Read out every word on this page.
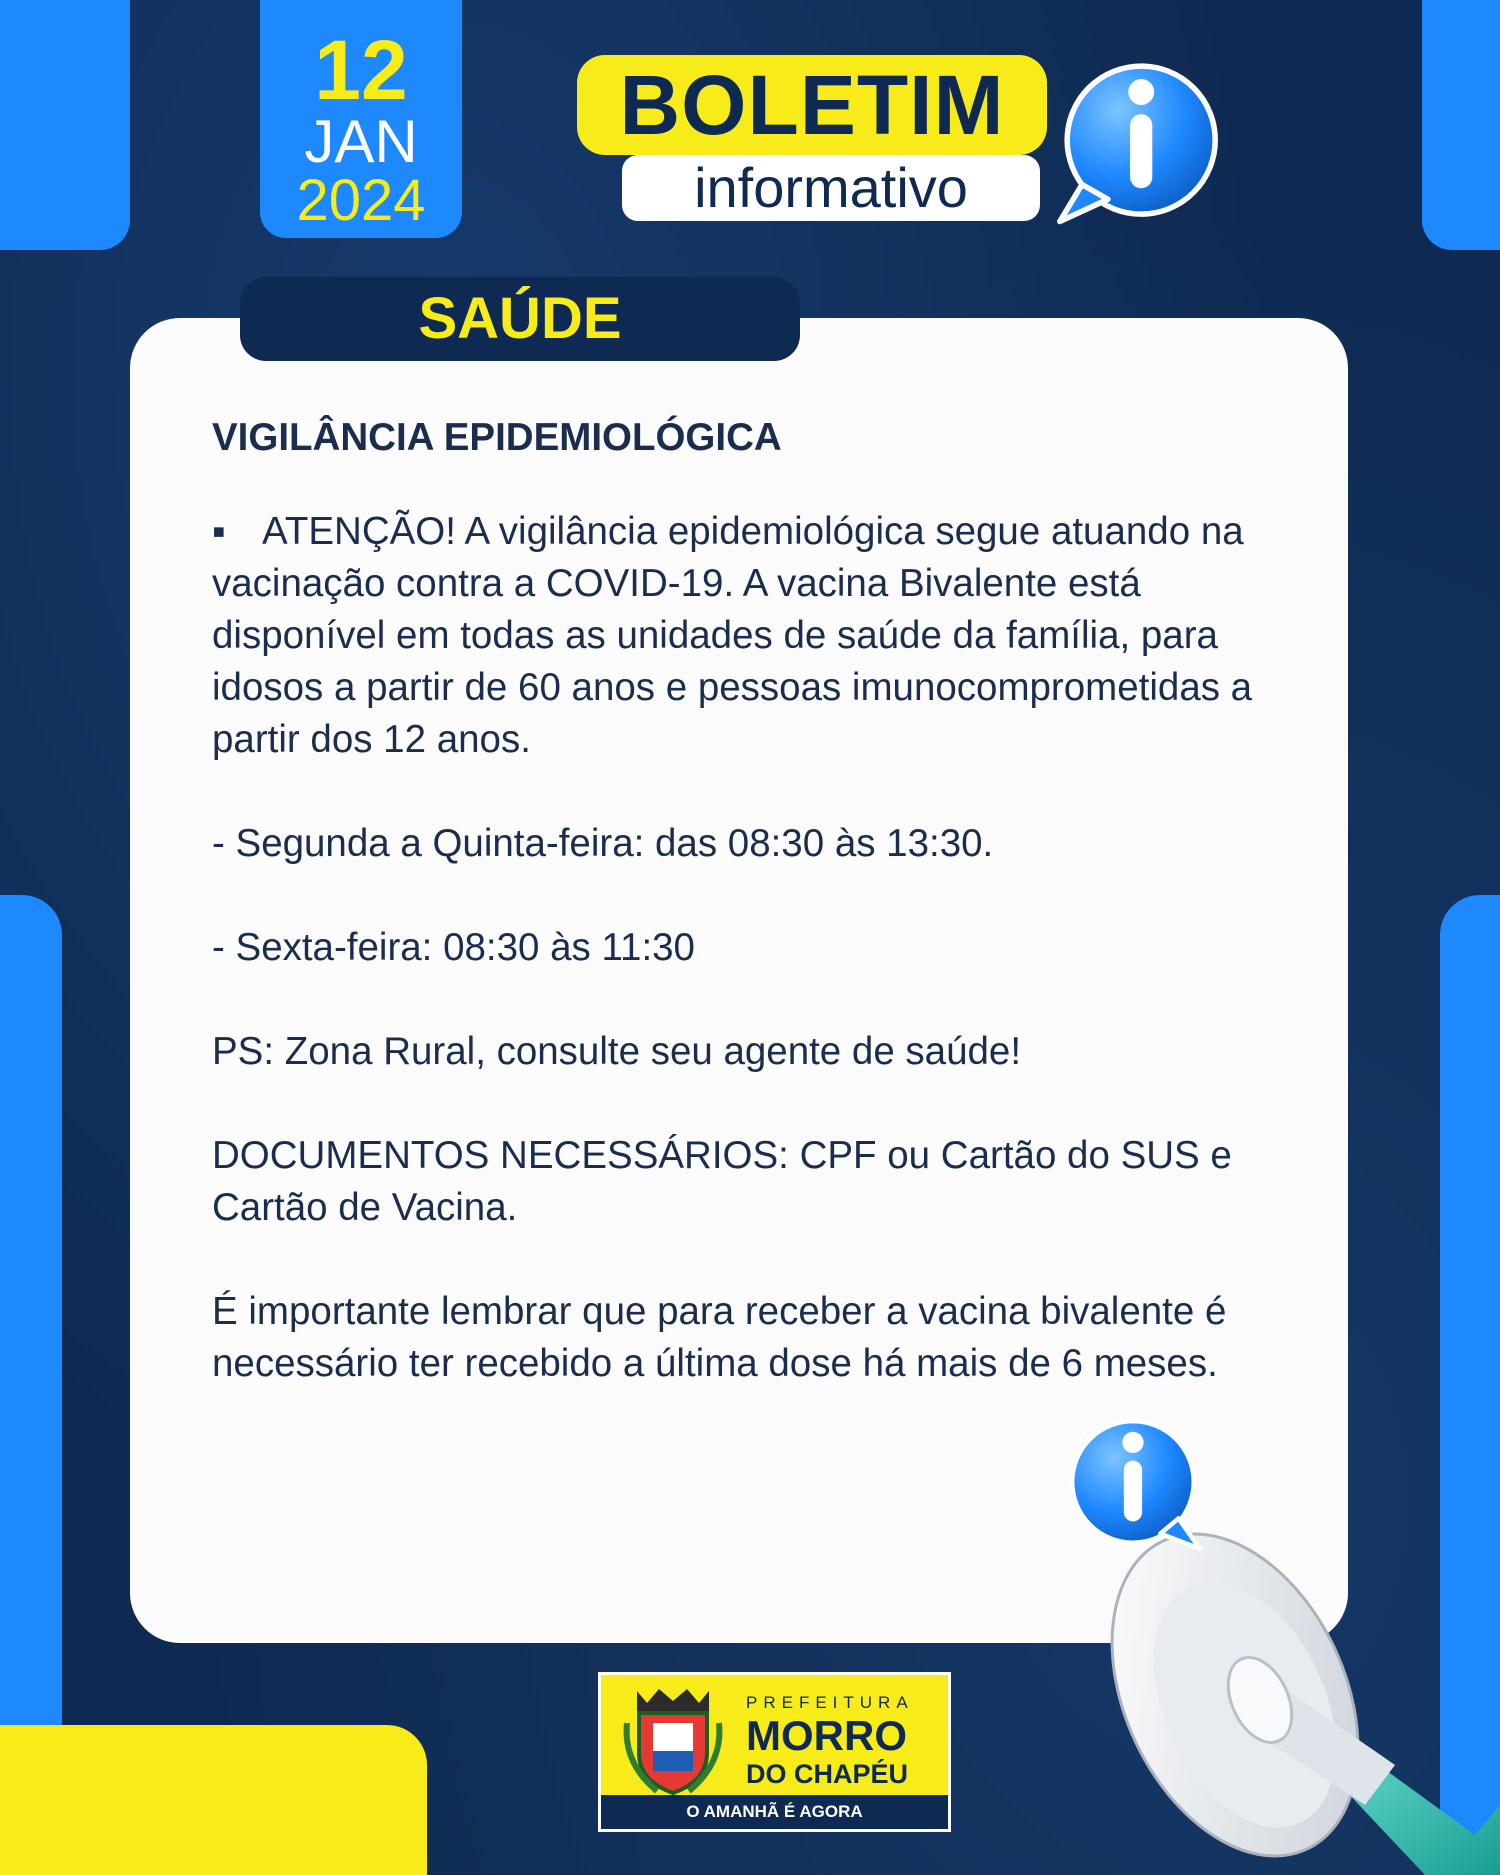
12
JAN
2024
BOLETIM
informativo
SAÚDE
VIGILÂNCIA EPIDEMIOLÓGICA
▪ ATENÇÃO! A vigilância epidemiológica segue atuando na vacinação contra a COVID-19. A vacina Bivalente está disponível em todas as unidades de saúde da família, para idosos a partir de 60 anos e pessoas imunocomprometidas a partir dos 12 anos.
- Segunda a Quinta-feira: das 08:30 às 13:30.
- Sexta-feira: 08:30 às 11:30
PS: Zona Rural, consulte seu agente de saúde!
DOCUMENTOS NECESSÁRIOS: CPF ou Cartão do SUS e Cartão de Vacina.
É importante lembrar que para receber a vacina bivalente é necessário ter recebido a última dose há mais de 6 meses.
PREFEITURA
MORRO
DO CHAPÉU
O AMANHÃ É AGORA
